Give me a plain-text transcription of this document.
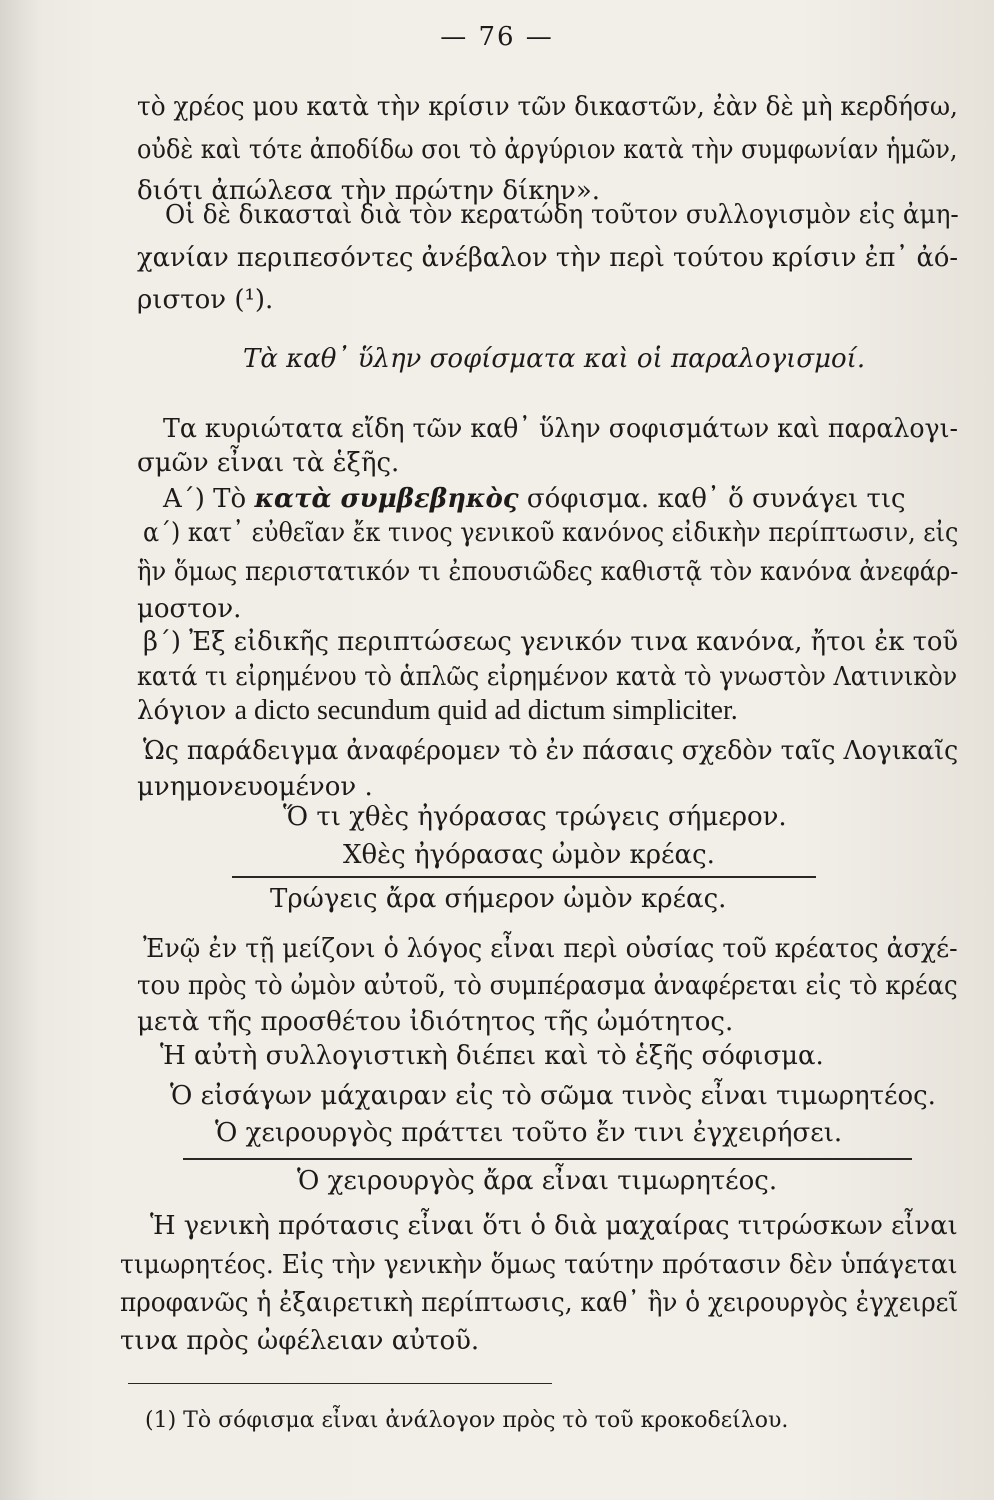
— 76 —
τὸ χρέος μου κατὰ τὴν κρίσιν τῶν δικαστῶν, ἐὰν δὲ μὴ κερδήσω,
οὐδὲ καὶ τότε ἀποδίδω σοι τὸ ἀργύριον κατὰ τὴν συμφωνίαν ἡμῶν,
διότι ἀπώλεσα τὴν πρώτην δίκην».
Οἱ δὲ δικασταὶ διὰ τὸν κερατώδη τοῦτον συλλογισμὸν εἰς ἀμη-
χανίαν περιπεσόντες ἀνέβαλον τὴν περὶ τούτου κρίσιν ἐπ᾽ ἀό-
ριστον (¹).
Τὰ καθ᾽ ὕλην σοφίσματα καὶ οἱ παραλογισμοί.
Τα κυριώτατα εἴδη τῶν καθ᾽ ὕλην σοφισμάτων καὶ παραλογι-
σμῶν εἶναι τὰ ἑξῆς.
Α΄) Τὸ κατὰ συμβεβηκὸς σόφισμα. καθ᾽ ὅ συνάγει τις
α΄) κατ᾽ εὐθεῖαν ἔκ τινος γενικοῦ κανόνος εἰδικὴν περίπτωσιν, εἰς
ἣν ὅμως περιστατικόν τι ἐπουσιῶδες καθιστᾷ τὸν κανόνα ἀνεφάρ-
μοστον.
β΄) Ἐξ εἰδικῆς περιπτώσεως γενικόν τινα κανόνα, ἤτοι ἐκ τοῦ
κατά τι εἰρημένου τὸ ἁπλῶς εἰρημένον κατὰ τὸ γνωστὸν Λατινικὸν
λόγιον a dicto secundum quid ad dictum simpliciter.
Ὡς παράδειγμα ἀναφέρομεν τὸ ἐν πάσαις σχεδὸν ταῖς Λογικαῖς
μνημονευομένον .
Ὅ τι χθὲς ἠγόρασας τρώγεις σήμερον.
Χθὲς ἠγόρασας ὠμὸν κρέας.
Τρώγεις ἄρα σήμερον ὠμὸν κρέας.
Ἐνῷ ἐν τῇ μείζονι ὁ λόγος εἶναι περὶ οὐσίας τοῦ κρέατος ἀσχέ-
του πρὸς τὸ ὠμὸν αὐτοῦ, τὸ συμπέρασμα ἀναφέρεται εἰς τὸ κρέας
μετὰ τῆς προσθέτου ἰδιότητος τῆς ὠμότητος.
Ἡ αὐτὴ συλλογιστικὴ διέπει καὶ τὸ ἑξῆς σόφισμα.
Ὁ εἰσάγων μάχαιραν εἰς τὸ σῶμα τινὸς εἶναι τιμωρητέος.
Ὁ χειρουργὸς πράττει τοῦτο ἔν τινι ἐγχειρήσει.
Ὁ χειρουργὸς ἄρα εἶναι τιμωρητέος.
Ἡ γενικὴ πρότασις εἶναι ὅτι ὁ διὰ μαχαίρας τιτρώσκων εἶναι
τιμωρητέος. Εἰς τὴν γενικὴν ὅμως ταύτην πρότασιν δὲν ὑπάγεται
προφανῶς ἡ ἐξαιρετικὴ περίπτωσις, καθ᾽ ἣν ὁ χειρουργὸς ἐγχειρεῖ
τινα πρὸς ὠφέλειαν αὐτοῦ.
(1) Τὸ σόφισμα εἶναι ἀνάλογον πρὸς τὸ τοῦ κροκοδείλου.
